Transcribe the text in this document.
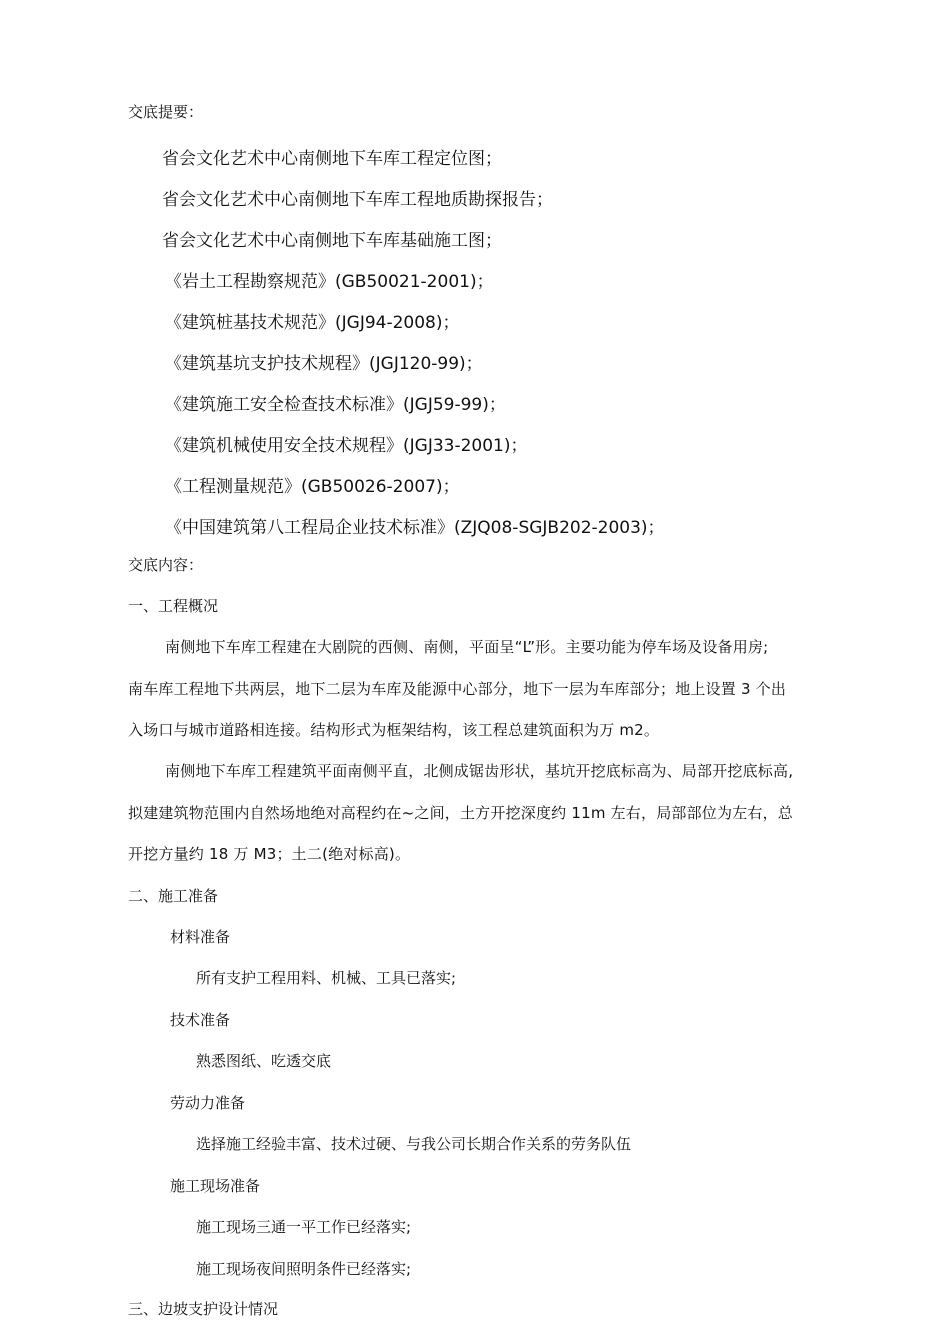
交底提要：
省会文化艺术中心南侧地下车库工程定位图；
省会文化艺术中心南侧地下车库工程地质勘探报告；
省会文化艺术中心南侧地下车库基础施工图；
《岩土工程勘察规范》(GB50021-2001)；
《建筑桩基技术规范》(JGJ94-2008)；
《建筑基坑支护技术规程》(JGJ120-99)；
《建筑施工安全检查技术标准》(JGJ59-99)；
《建筑机械使用安全技术规程》(JGJ33-2001)；
《工程测量规范》(GB50026-2007)；
《中国建筑第八工程局企业技术标准》(ZJQ08-SGJB202-2003)；
交底内容：
一、工程概况
南侧地下车库工程建在大剧院的西侧、南侧，平面呈“L”形。主要功能为停车场及设备用房;
南车库工程地下共两层，地下二层为车库及能源中心部分，地下一层为车库部分；地上设置 3 个出
入场口与城市道路相连接。结构形式为框架结构，该工程总建筑面积为万 m2。
南侧地下车库工程建筑平面南侧平直，北侧成锯齿形状，基坑开挖底标高为、局部开挖底标高,
拟建建筑物范围内自然场地绝对高程约在~之间，土方开挖深度约 11m 左右，局部部位为左右，总
开挖方量约 18 万 M3；土二(绝对标高)。
二、施工准备
材料准备
所有支护工程用料、机械、工具已落实;
技术准备
熟悉图纸、吃透交底
劳动力准备
选择施工经验丰富、技术过硬、与我公司长期合作关系的劳务队伍
施工现场准备
施工现场三通一平工作已经落实;
施工现场夜间照明条件已经落实;
三、边坡支护设计情况
